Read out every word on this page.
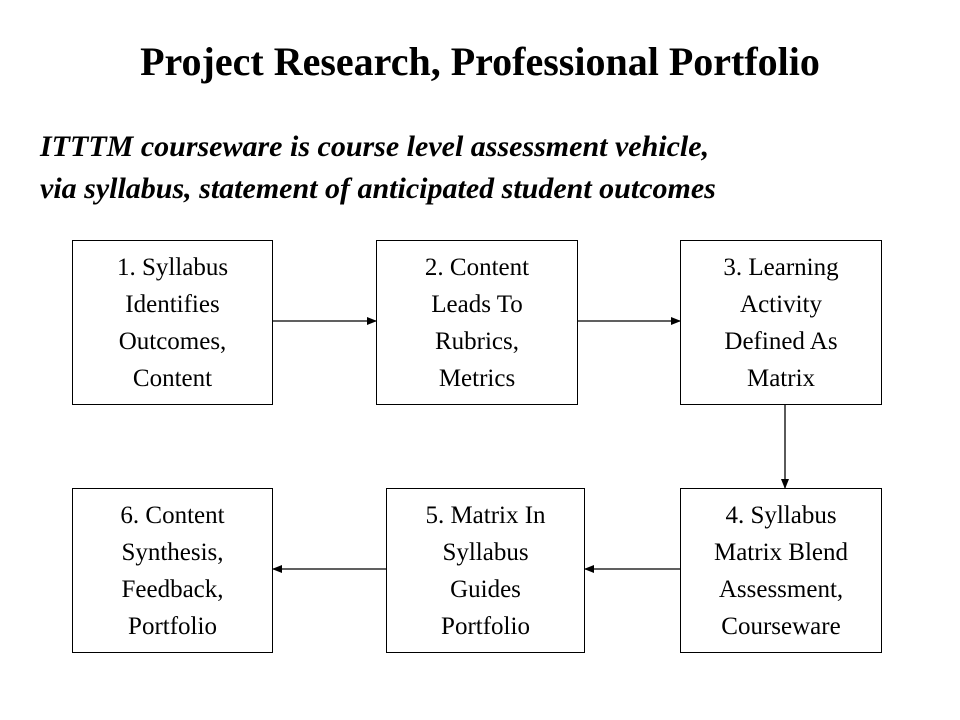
Project Research, Professional Portfolio
ITTTM courseware is course level assessment vehicle,
via syllabus, statement of anticipated student outcomes
1. Syllabus
Identifies
Outcomes,
Content
2. Content
Leads To
Rubrics,
Metrics
3. Learning
Activity
Defined As
Matrix
4. Syllabus
Matrix Blend
Assessment,
Courseware
5. Matrix In
Syllabus
Guides
Portfolio
6. Content
Synthesis,
Feedback,
Portfolio
